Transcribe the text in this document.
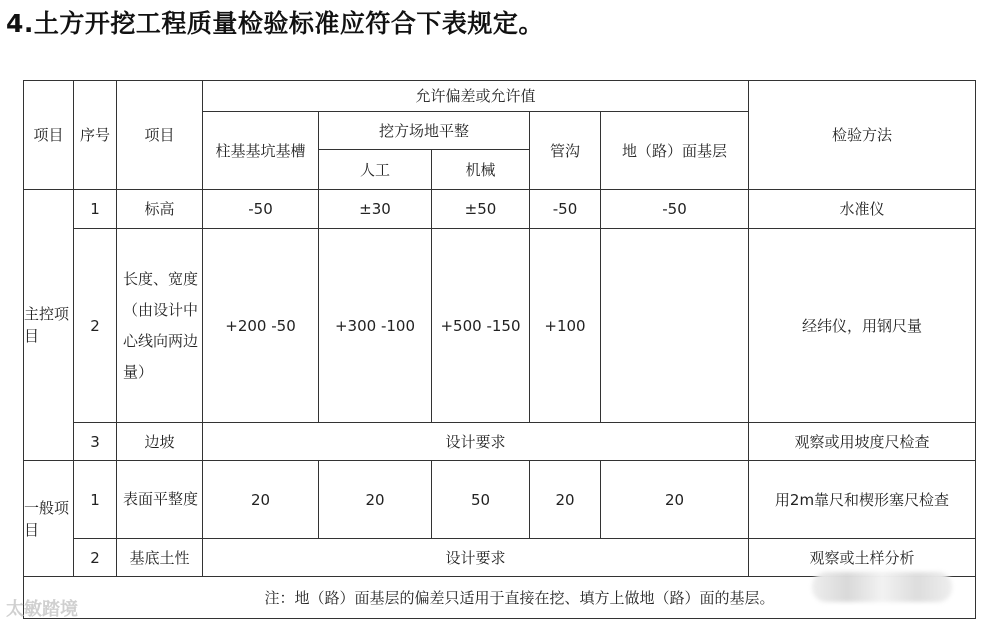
4.土方开挖工程质量检验标准应符合下表规定。
项目	序号	项目	允许偏差或允许值					检验方法
			柱基基坑基槽	挖方场地平整		管沟	地（路）面基层	
				人工	机械			
主控项目	1	标高	-50	±30	±50	-50	-50	水准仪
	2	长度、宽度（由设计中心线向两边量）	+200 -50	+300 -100	+500 -150	+100		经纬仪，用钢尺量
	3	边坡	设计要求					观察或用坡度尺检查
一般项目	1	表面平整度	20	20	50	20	20	用2m靠尺和楔形塞尺检查
	2	基底土性	设计要求					观察或土样分析
注：地（路）面基层的偏差只适用于直接在挖、填方上做地（路）面的基层。								
太敏踏境
